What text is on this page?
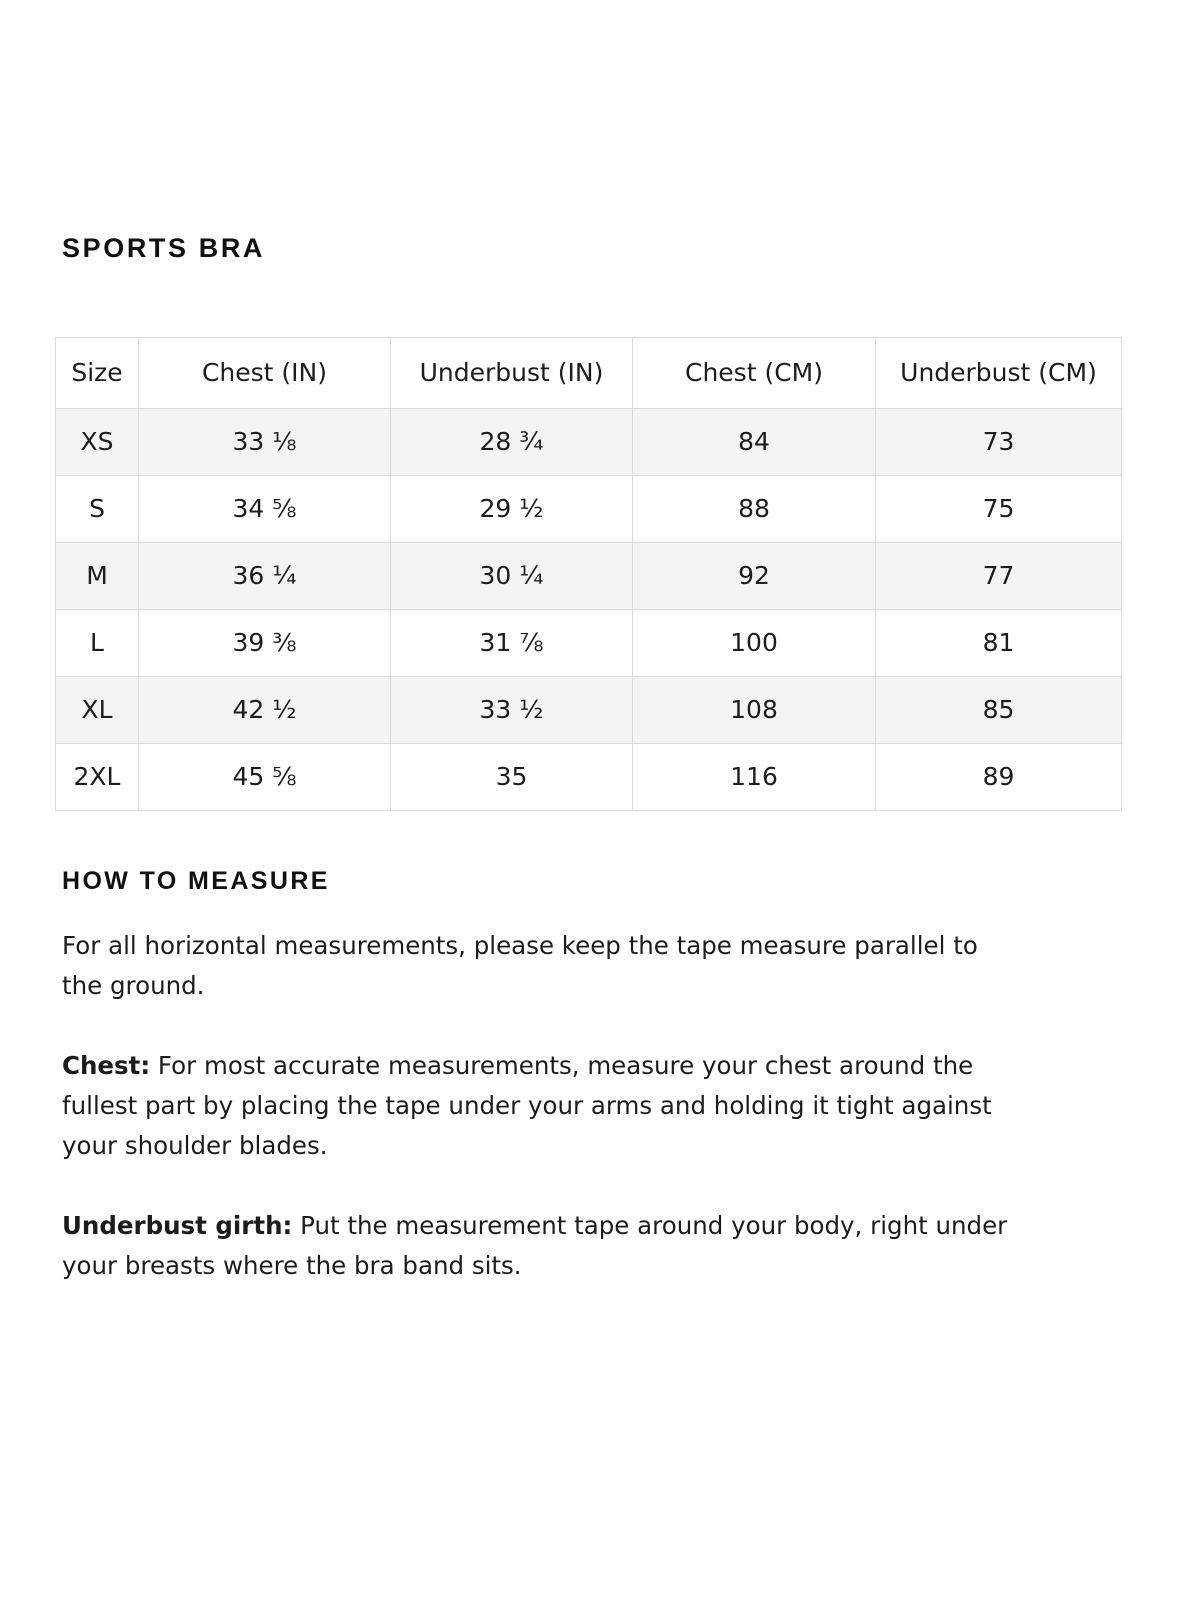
SPORTS BRA
Size	Chest (IN)	Underbust (IN)	Chest (CM)	Underbust (CM)
XS	33 ⅛	28 ¾	84	73
S	34 ⅝	29 ½	88	75
M	36 ¼	30 ¼	92	77
L	39 ⅜	31 ⅞	100	81
XL	42 ½	33 ½	108	85
2XL	45 ⅝	35	116	89
HOW TO MEASURE

For all horizontal measurements, please keep the tape measure parallel to the ground.

Chest: For most accurate measurements, measure your chest around the fullest part by placing the tape under your arms and holding it tight against your shoulder blades.

Underbust girth: Put the measurement tape around your body, right under your breasts where the bra band sits.
